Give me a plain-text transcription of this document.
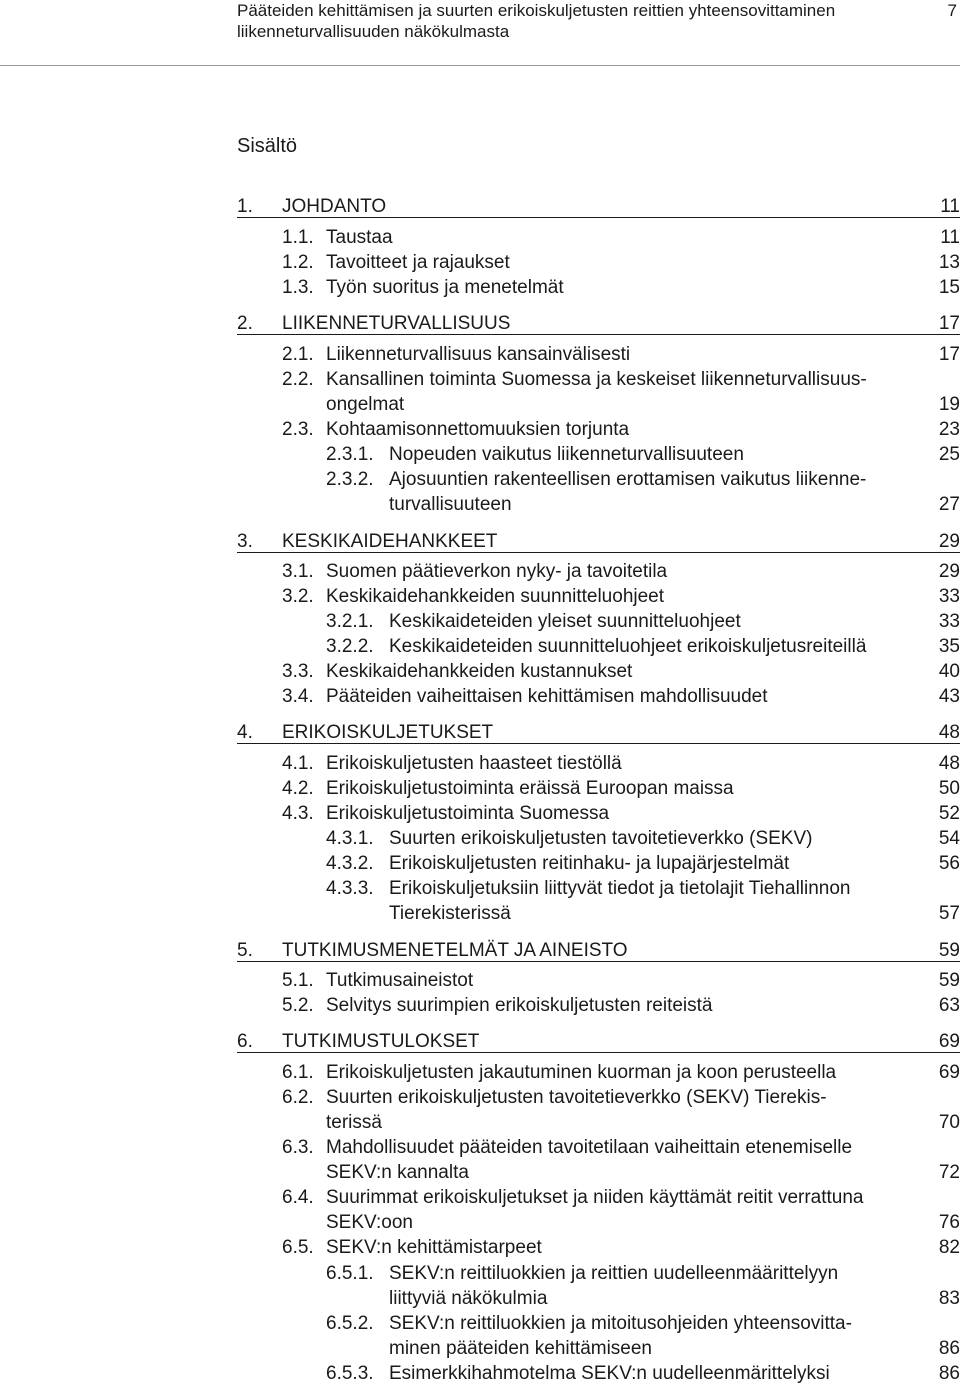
Pääteiden kehittämisen ja suurten erikoiskuljetusten reittien yhteensovittaminen liikenneturvallisuuden näkökulmasta
7
Sisältö
1. JOHDANTO	11
1.1. Taustaa	11
1.2. Tavoitteet ja rajaukset	13
1.3. Työn suoritus ja menetelmät	15
2. LIIKENNETURVALLISUUS	17
2.1. Liikenneturvallisuus kansainvälisesti	17
2.2. Kansallinen toiminta Suomessa ja keskeiset liikenneturvallisuus-
ongelmat	19
2.3. Kohtaamisonnettomuuksien torjunta	23
2.3.1. Nopeuden vaikutus liikenneturvallisuuteen	25
2.3.2. Ajosuuntien rakenteellisen erottamisen vaikutus liikenne-
turvallisuuteen	27
3. KESKIKAIDEHANKKEET	29
3.1. Suomen päätieverkon nyky- ja tavoitetila	29
3.2. Keskikaidehankkeiden suunnitteluohjeet	33
3.2.1. Keskikaideteiden yleiset suunnitteluohjeet	33
3.2.2. Keskikaideteiden suunnitteluohjeet erikoiskuljetusreiteillä	35
3.3. Keskikaidehankkeiden kustannukset	40
3.4. Pääteiden vaiheittaisen kehittämisen mahdollisuudet	43
4. ERIKOISKULJETUKSET	48
4.1. Erikoiskuljetusten haasteet tiestöllä	48
4.2. Erikoiskuljetustoiminta eräissä Euroopan maissa	50
4.3. Erikoiskuljetustoiminta Suomessa	52
4.3.1. Suurten erikoiskuljetusten tavoitetieverkko (SEKV)	54
4.3.2. Erikoiskuljetusten reitinhaku- ja lupajärjestelmät	56
4.3.3. Erikoiskuljetuksiin liittyvät tiedot ja tietolajit Tiehallinnon
Tierekisterissä	57
5. TUTKIMUSMENETELMÄT JA AINEISTO	59
5.1. Tutkimusaineistot	59
5.2. Selvitys suurimpien erikoiskuljetusten reiteistä	63
6. TUTKIMUSTULOKSET	69
6.1. Erikoiskuljetusten jakautuminen kuorman ja koon perusteella	69
6.2. Suurten erikoiskuljetusten tavoitetieverkko (SEKV) Tierekis-
terissä	70
6.3. Mahdollisuudet pääteiden tavoitetilaan vaiheittain etenemiselle
SEKV:n kannalta	72
6.4. Suurimmat erikoiskuljetukset ja niiden käyttämät reitit verrattuna
SEKV:oon	76
6.5. SEKV:n kehittämistarpeet	82
6.5.1. SEKV:n reittiluokkien ja reittien uudelleenmäärittelyyn
liittyviä näkökulmia	83
6.5.2. SEKV:n reittiluokkien ja mitoitusohjeiden yhteensovitta-
minen pääteiden kehittämiseen	86
6.5.3. Esimerkkihahmotelma SEKV:n uudelleenmärittelyksi	86
